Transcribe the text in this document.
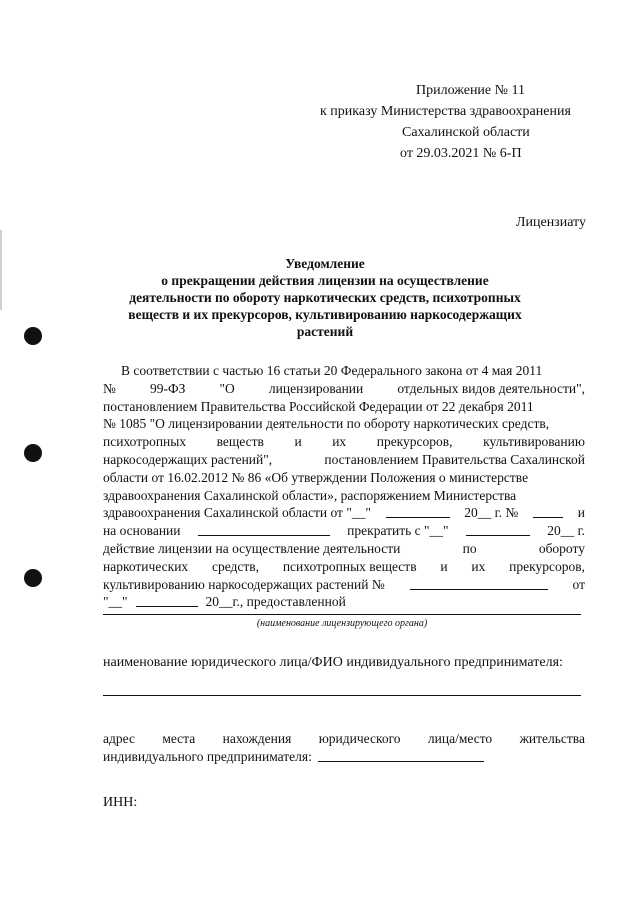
Приложение № 11
к приказу Министерства здравоохранения
Сахалинской области
от 29.03.2021 № 6-П
Лицензиату
Уведомление
о прекращении действия лицензии на осуществление
деятельности по обороту наркотических средств, психотропных
веществ и их прекурсоров, культивированию наркосодержащих
растений
В соответствии с частью 16 статьи 20 Федерального закона от 4 мая 2011
№	99-ФЗ	"О	лицензировании	отдельных видов деятельности",
постановлением Правительства Российской Федерации от 22 декабря 2011
№ 1085 "О лицензировании деятельности по обороту наркотических средств,
психотропных веществ и их прекурсоров, культивированию
наркосодержащих растений",	постановлением Правительства Сахалинской
области от 16.02.2012 № 86 «Об утверждении Положения о министерстве
здравоохранения Сахалинской области», распоряжением Министерства
здравоохранения Сахалинской области от "__"	20__ г. №	и
на основании	прекратить с "__"	20__ г.
действие лицензии на осуществление деятельности	по	обороту
наркотических средств, психотропных веществ и их прекурсоров,
культивированию наркосодержащих растений №	от
"__"	20__г., предоставленной
(наименование лицензирующего органа)
наименование юридического лица/ФИО индивидуального предпринимателя:
адрес места нахождения юридического лица/место жительства
индивидуального предпринимателя:
ИНН:
